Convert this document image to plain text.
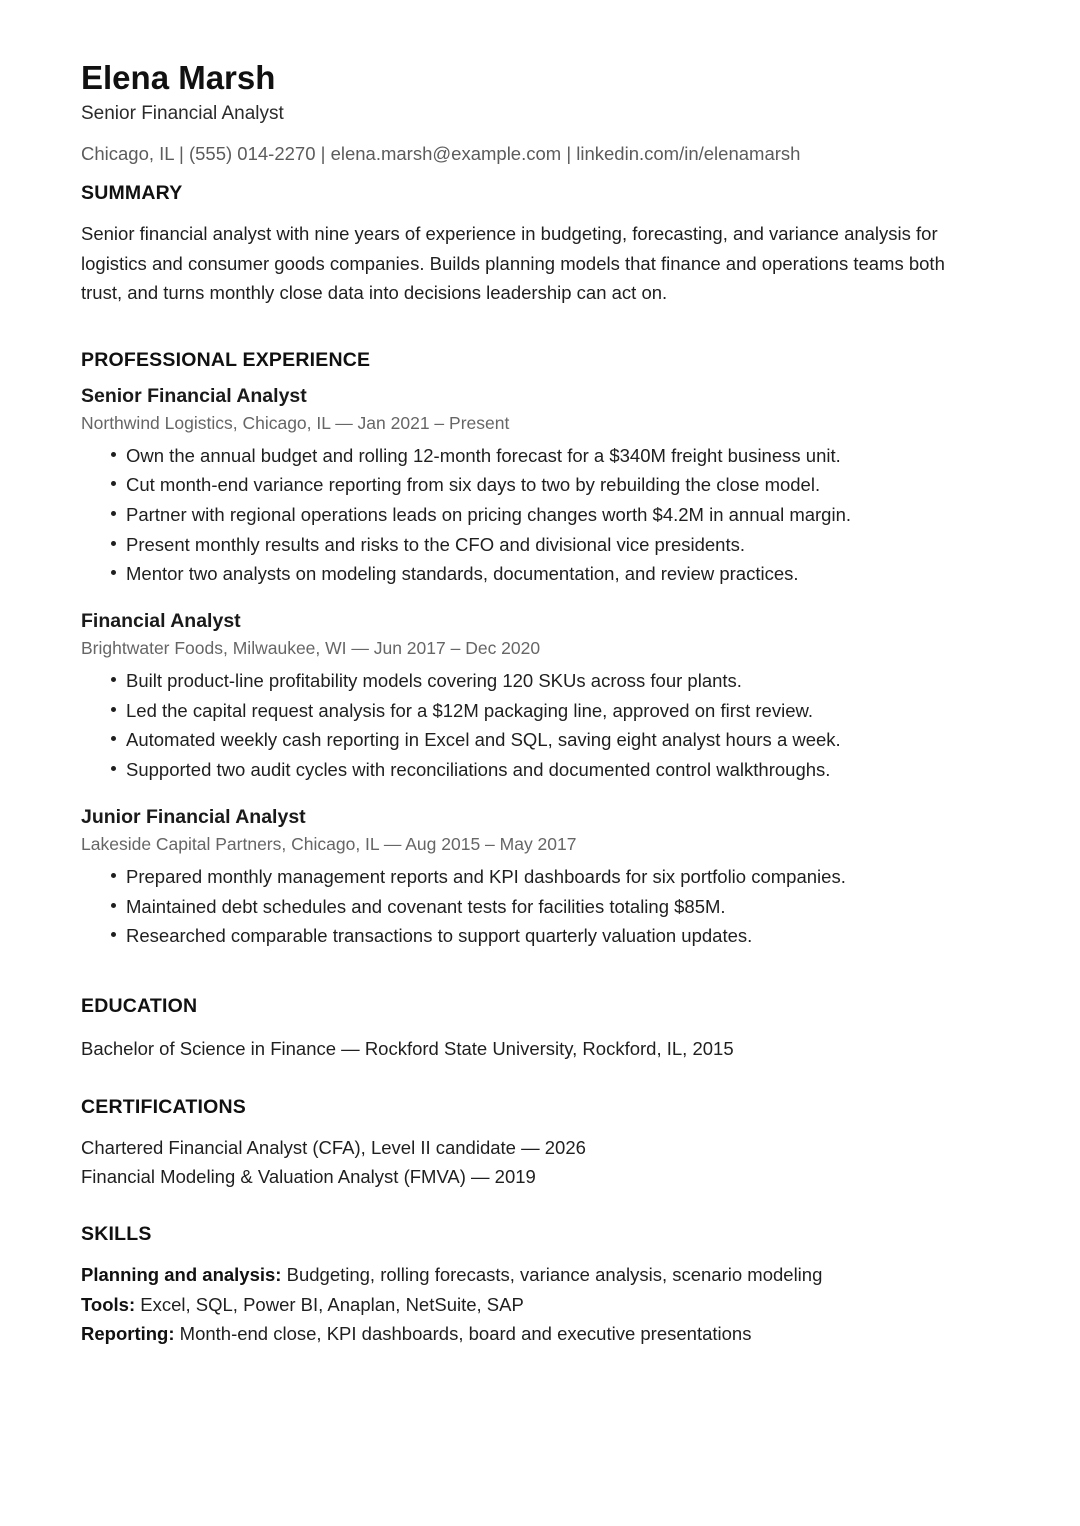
Elena Marsh
Senior Financial Analyst
Chicago, IL | (555) 014-2270 | elena.marsh@example.com | linkedin.com/in/elenamarsh
SUMMARY
Senior financial analyst with nine years of experience in budgeting, forecasting, and variance analysis for logistics and consumer goods companies. Builds planning models that finance and operations teams both trust, and turns monthly close data into decisions leadership can act on.
PROFESSIONAL EXPERIENCE
Senior Financial Analyst
Northwind Logistics, Chicago, IL — Jan 2021 – Present
Own the annual budget and rolling 12-month forecast for a $340M freight business unit.
Cut month-end variance reporting from six days to two by rebuilding the close model.
Partner with regional operations leads on pricing changes worth $4.2M in annual margin.
Present monthly results and risks to the CFO and divisional vice presidents.
Mentor two analysts on modeling standards, documentation, and review practices.
Financial Analyst
Brightwater Foods, Milwaukee, WI — Jun 2017 – Dec 2020
Built product-line profitability models covering 120 SKUs across four plants.
Led the capital request analysis for a $12M packaging line, approved on first review.
Automated weekly cash reporting in Excel and SQL, saving eight analyst hours a week.
Supported two audit cycles with reconciliations and documented control walkthroughs.
Junior Financial Analyst
Lakeside Capital Partners, Chicago, IL — Aug 2015 – May 2017
Prepared monthly management reports and KPI dashboards for six portfolio companies.
Maintained debt schedules and covenant tests for facilities totaling $85M.
Researched comparable transactions to support quarterly valuation updates.
EDUCATION
Bachelor of Science in Finance — Rockford State University, Rockford, IL, 2015
CERTIFICATIONS
Chartered Financial Analyst (CFA), Level II candidate — 2026
Financial Modeling & Valuation Analyst (FMVA) — 2019
SKILLS
Planning and analysis: Budgeting, rolling forecasts, variance analysis, scenario modeling
Tools: Excel, SQL, Power BI, Anaplan, NetSuite, SAP
Reporting: Month-end close, KPI dashboards, board and executive presentations
